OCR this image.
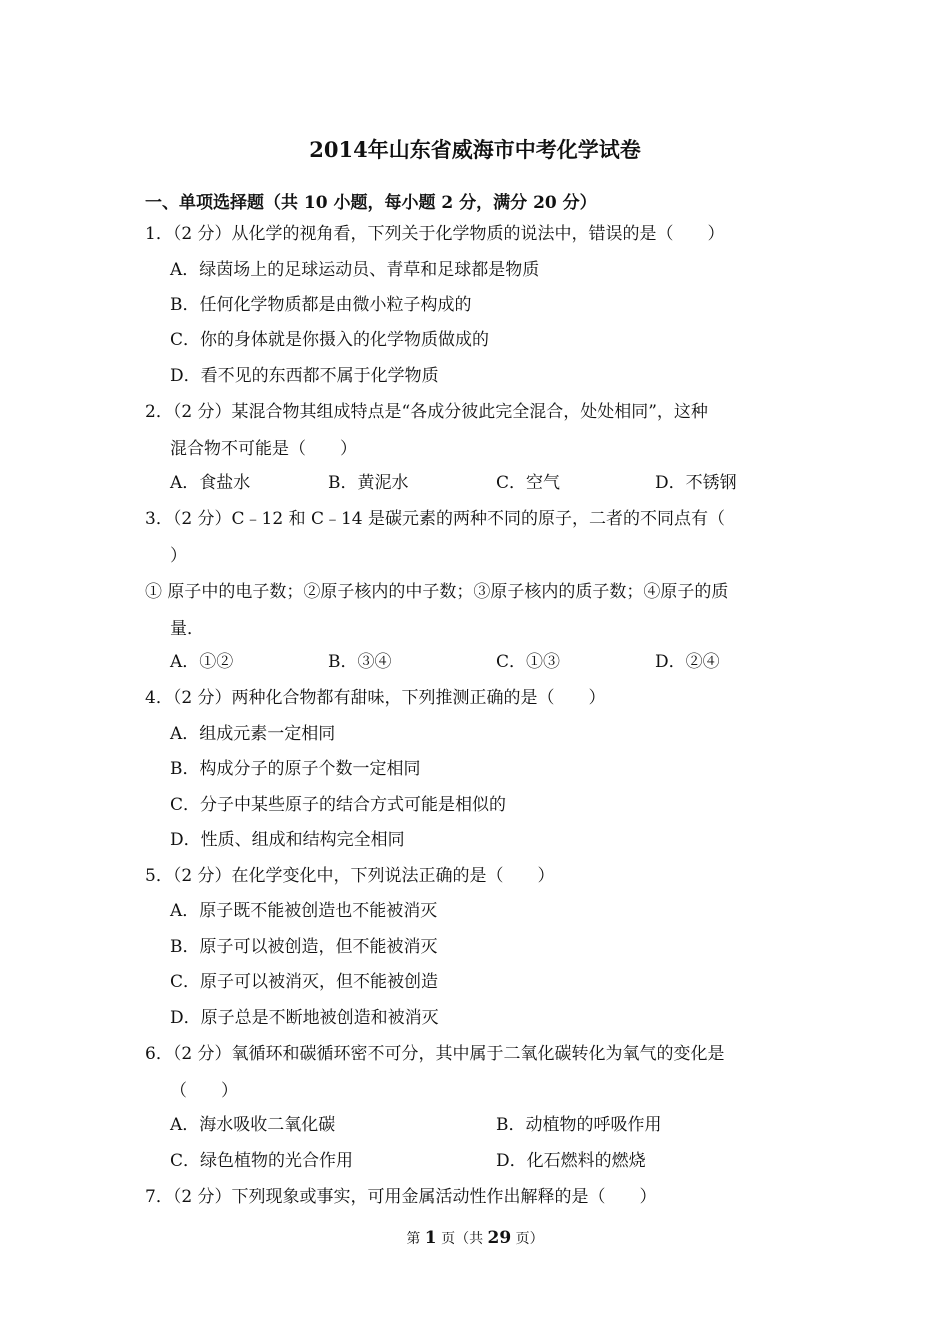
2014年山东省威海市中考化学试卷
一、单项选择题（共 10 小题，每小题 2 分，满分 20 分）
1．（2 分）从化学的视角看，下列关于化学物质的说法中，错误的是（　　）
A．绿茵场上的足球运动员、青草和足球都是物质
B．任何化学物质都是由微小粒子构成的
C．你的身体就是你摄入的化学物质做成的
D．看不见的东西都不属于化学物质
2．（2 分）某混合物其组成特点是“各成分彼此完全混合，处处相同”，这种
混合物不可能是（　　）
A．食盐水	B．黄泥水	C．空气	D．不锈钢
3．（2 分）C﹣12 和 C﹣14 是碳元素的两种不同的原子，二者的不同点有（
）
① 原子中的电子数；②原子核内的中子数；③原子核内的质子数；④原子的质
量．
A．①②	B．③④	C．①③	D．②④
4．（2 分）两种化合物都有甜味，下列推测正确的是（　　）
A．组成元素一定相同
B．构成分子的原子个数一定相同
C．分子中某些原子的结合方式可能是相似的
D．性质、组成和结构完全相同
5．（2 分）在化学变化中，下列说法正确的是（　　）
A．原子既不能被创造也不能被消灭
B．原子可以被创造，但不能被消灭
C．原子可以被消灭，但不能被创造
D．原子总是不断地被创造和被消灭
6．（2 分）氧循环和碳循环密不可分，其中属于二氧化碳转化为氧气的变化是
（　　）
A．海水吸收二氧化碳	B．动植物的呼吸作用
C．绿色植物的光合作用	D．化石燃料的燃烧
7．（2 分）下列现象或事实，可用金属活动性作出解释的是（　　）
第 1 页（共 29 页）
